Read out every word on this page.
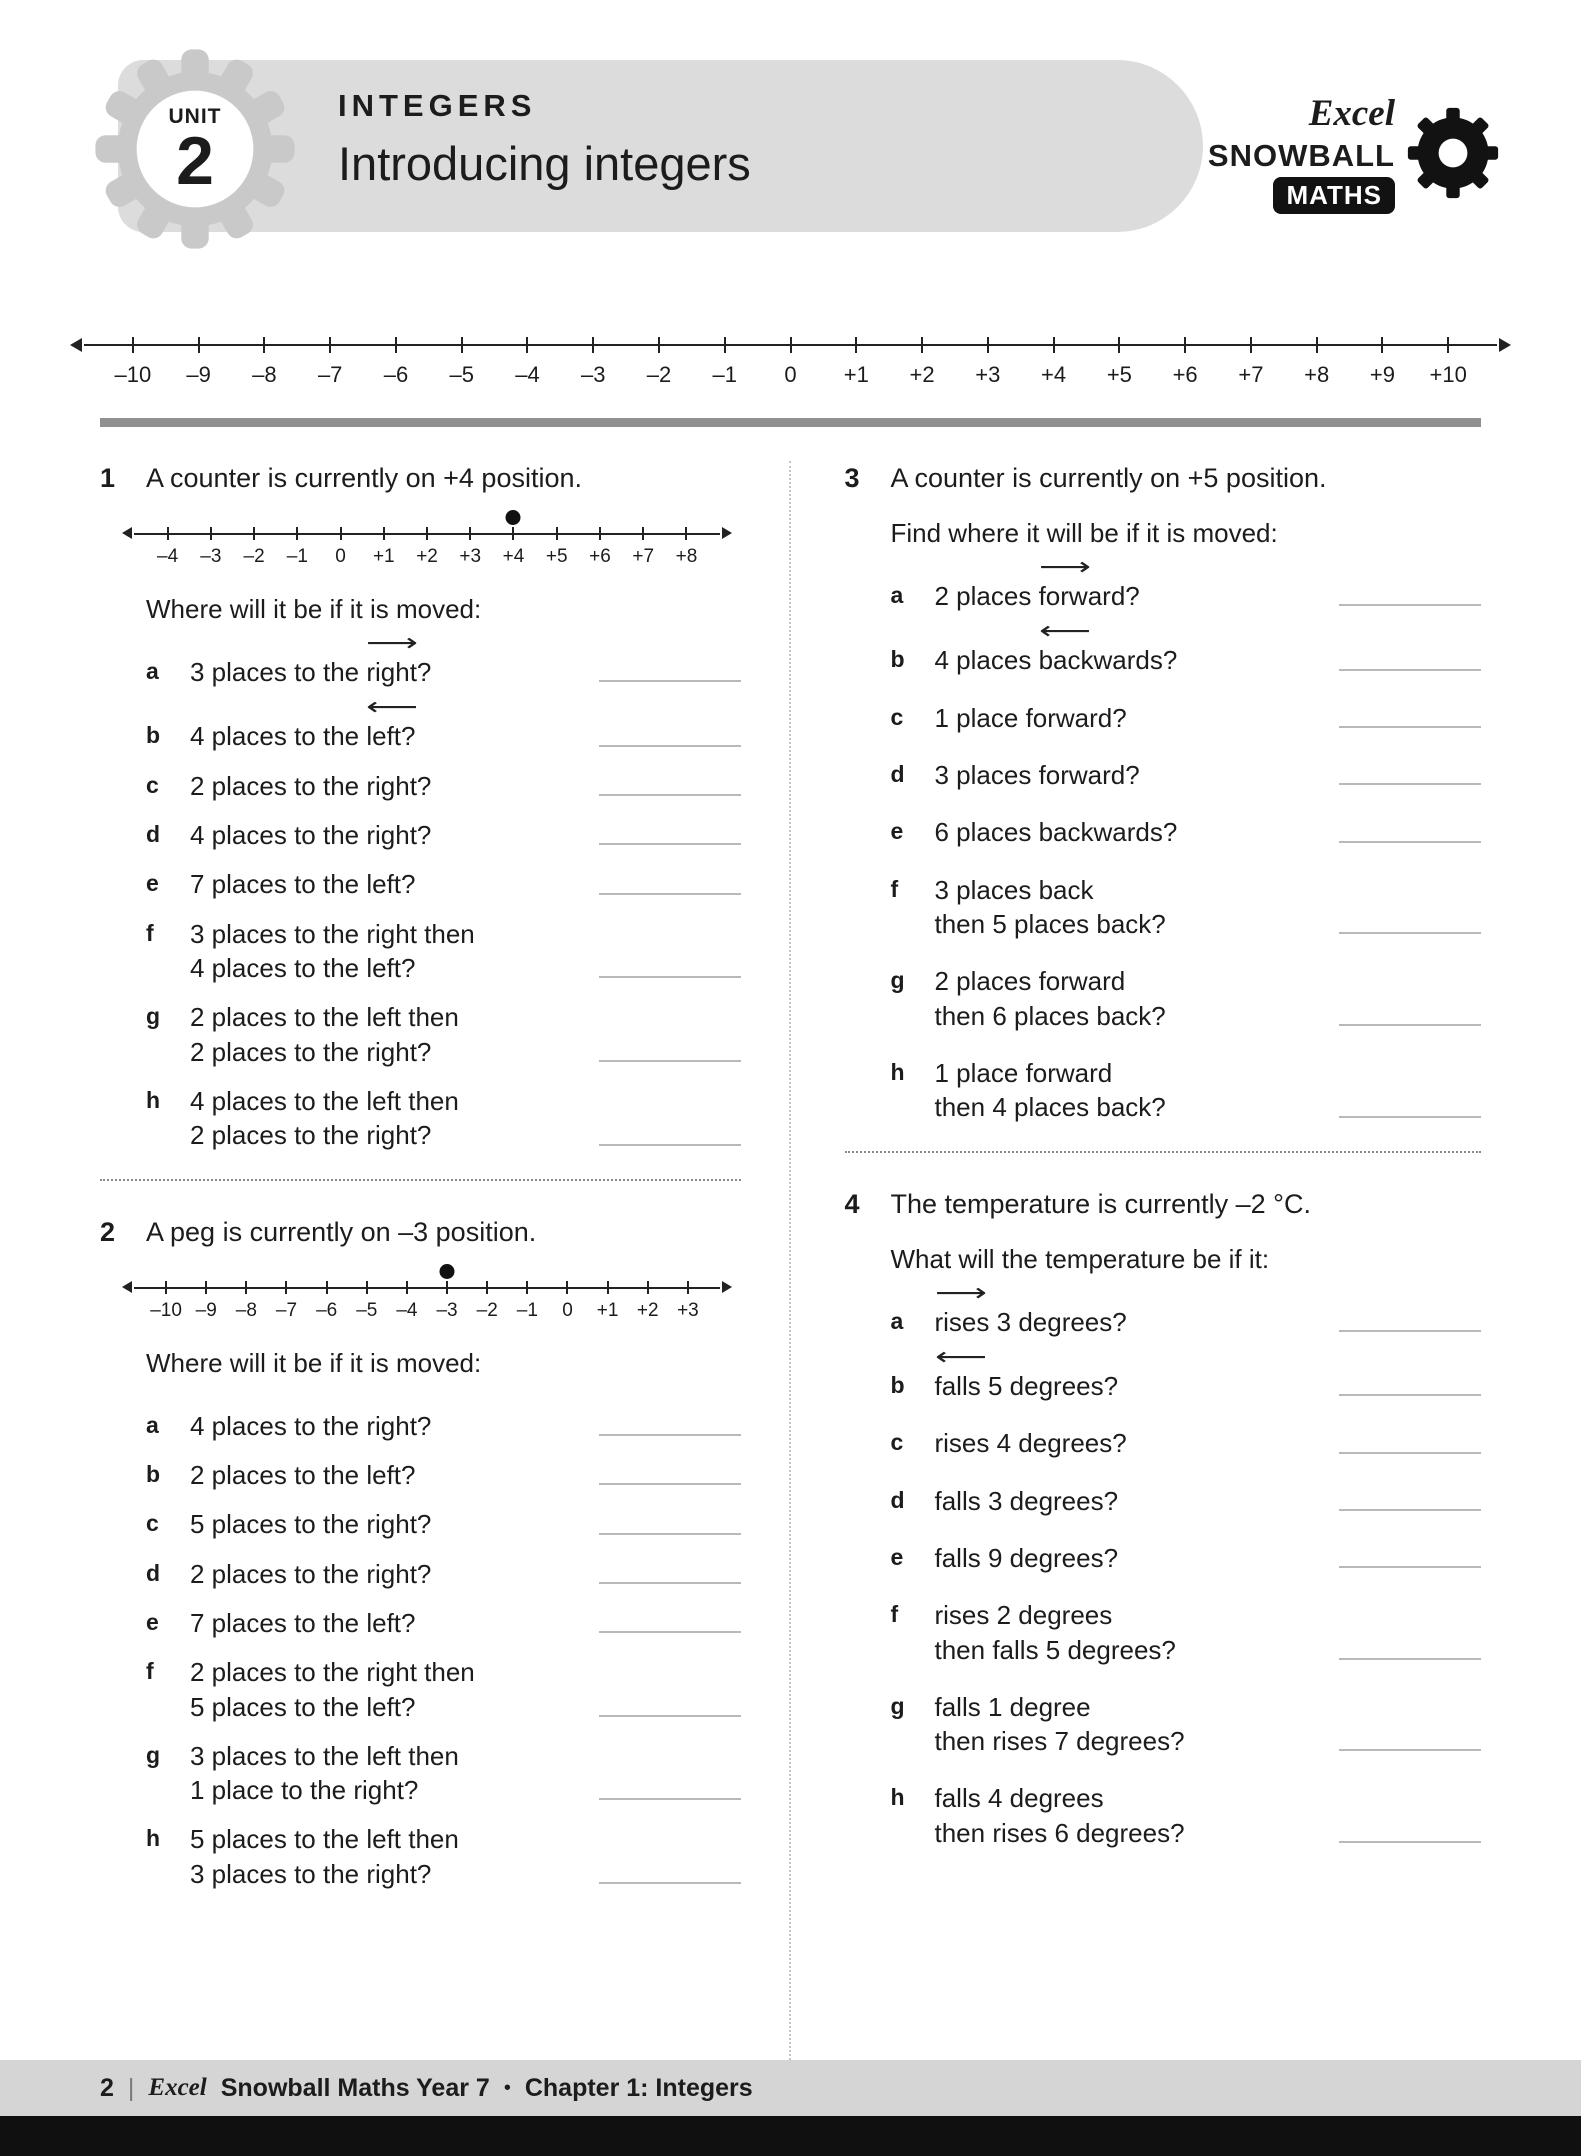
INTEGERS
Introducing integers
UNIT
2
Excel
SNOWBALL
MATHS
–10 –9 –8 –7 –6 –5 –4 –3 –2 –1 0 +1 +2 +3 +4 +5 +6 +7 +8 +9 +10
1	A counter is currently on +4 position.
–4 –3 –2 –1 0 +1 +2 +3 +4 +5 +6 +7 +8
Where will it be if it is moved:
a	3 places to the
⟶
right?
b	4 places to the
⟵
left?
c	2 places to the right?
d	4 places to the right?
e	7 places to the left?
f	3 places to the right then
4 places to the left?
g	2 places to the left then
2 places to the right?
h	4 places to the left then
2 places to the right?
2	A peg is currently on –3 position.
–10 –9 –8 –7 –6 –5 –4 –3 –2 –1 0 +1 +2 +3
Where will it be if it is moved:
a	4 places to the right?
b	2 places to the left?
c	5 places to the right?
d	2 places to the right?
e	7 places to the left?
f	2 places to the right then
5 places to the left?
g	3 places to the left then
1 place to the right?
h	5 places to the left then
3 places to the right?
3	A counter is currently on +5 position.
Find where it will be if it is moved:
a	2 places
⟶
forward?
b	4 places
⟵
backwards?
c	1 place forward?
d	3 places forward?
e	6 places backwards?
f	3 places back
then 5 places back?
g	2 places forward
then 6 places back?
h	1 place forward
then 4 places back?
4	The temperature is currently –2 °C.
What will the temperature be if it:
a
⟶
rises 3 degrees?
b
⟵
falls 5 degrees?
c	rises 4 degrees?
d	falls 3 degrees?
e	falls 9 degrees?
f	rises 2 degrees
then falls 5 degrees?
g	falls 1 degree
then rises 7 degrees?
h	falls 4 degrees
then rises 6 degrees?
2 | Excel Snowball Maths Year 7 • Chapter 1: Integers
